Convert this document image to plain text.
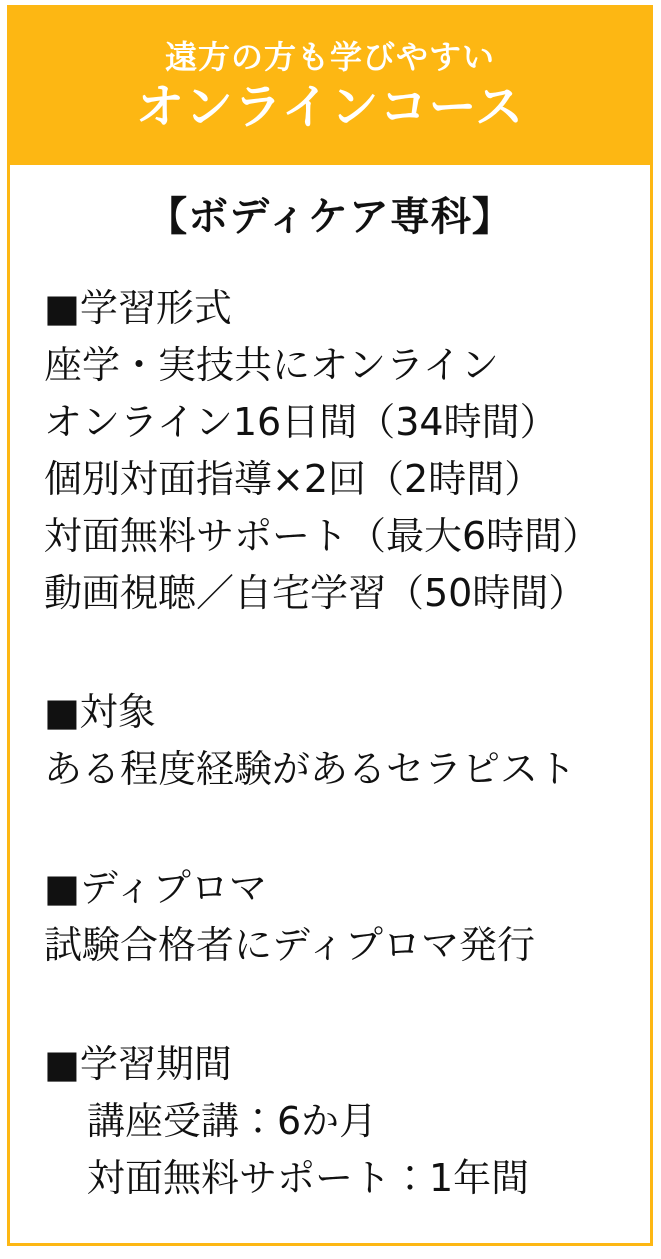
遠方の方も学びやすい
オンラインコース
【ボディケア専科】

■学習形式

座学・実技共にオンライン

オンライン16日間（34時間）

個別対面指導×2回（2時間）

対面無料サポート（最大6時間）

動画視聴／自宅学習（50時間）

■対象

ある程度経験があるセラピスト

■ディプロマ

試験合格者にディプロマ発行

■学習期間

講座受講：6か月

対面無料サポート：1年間
